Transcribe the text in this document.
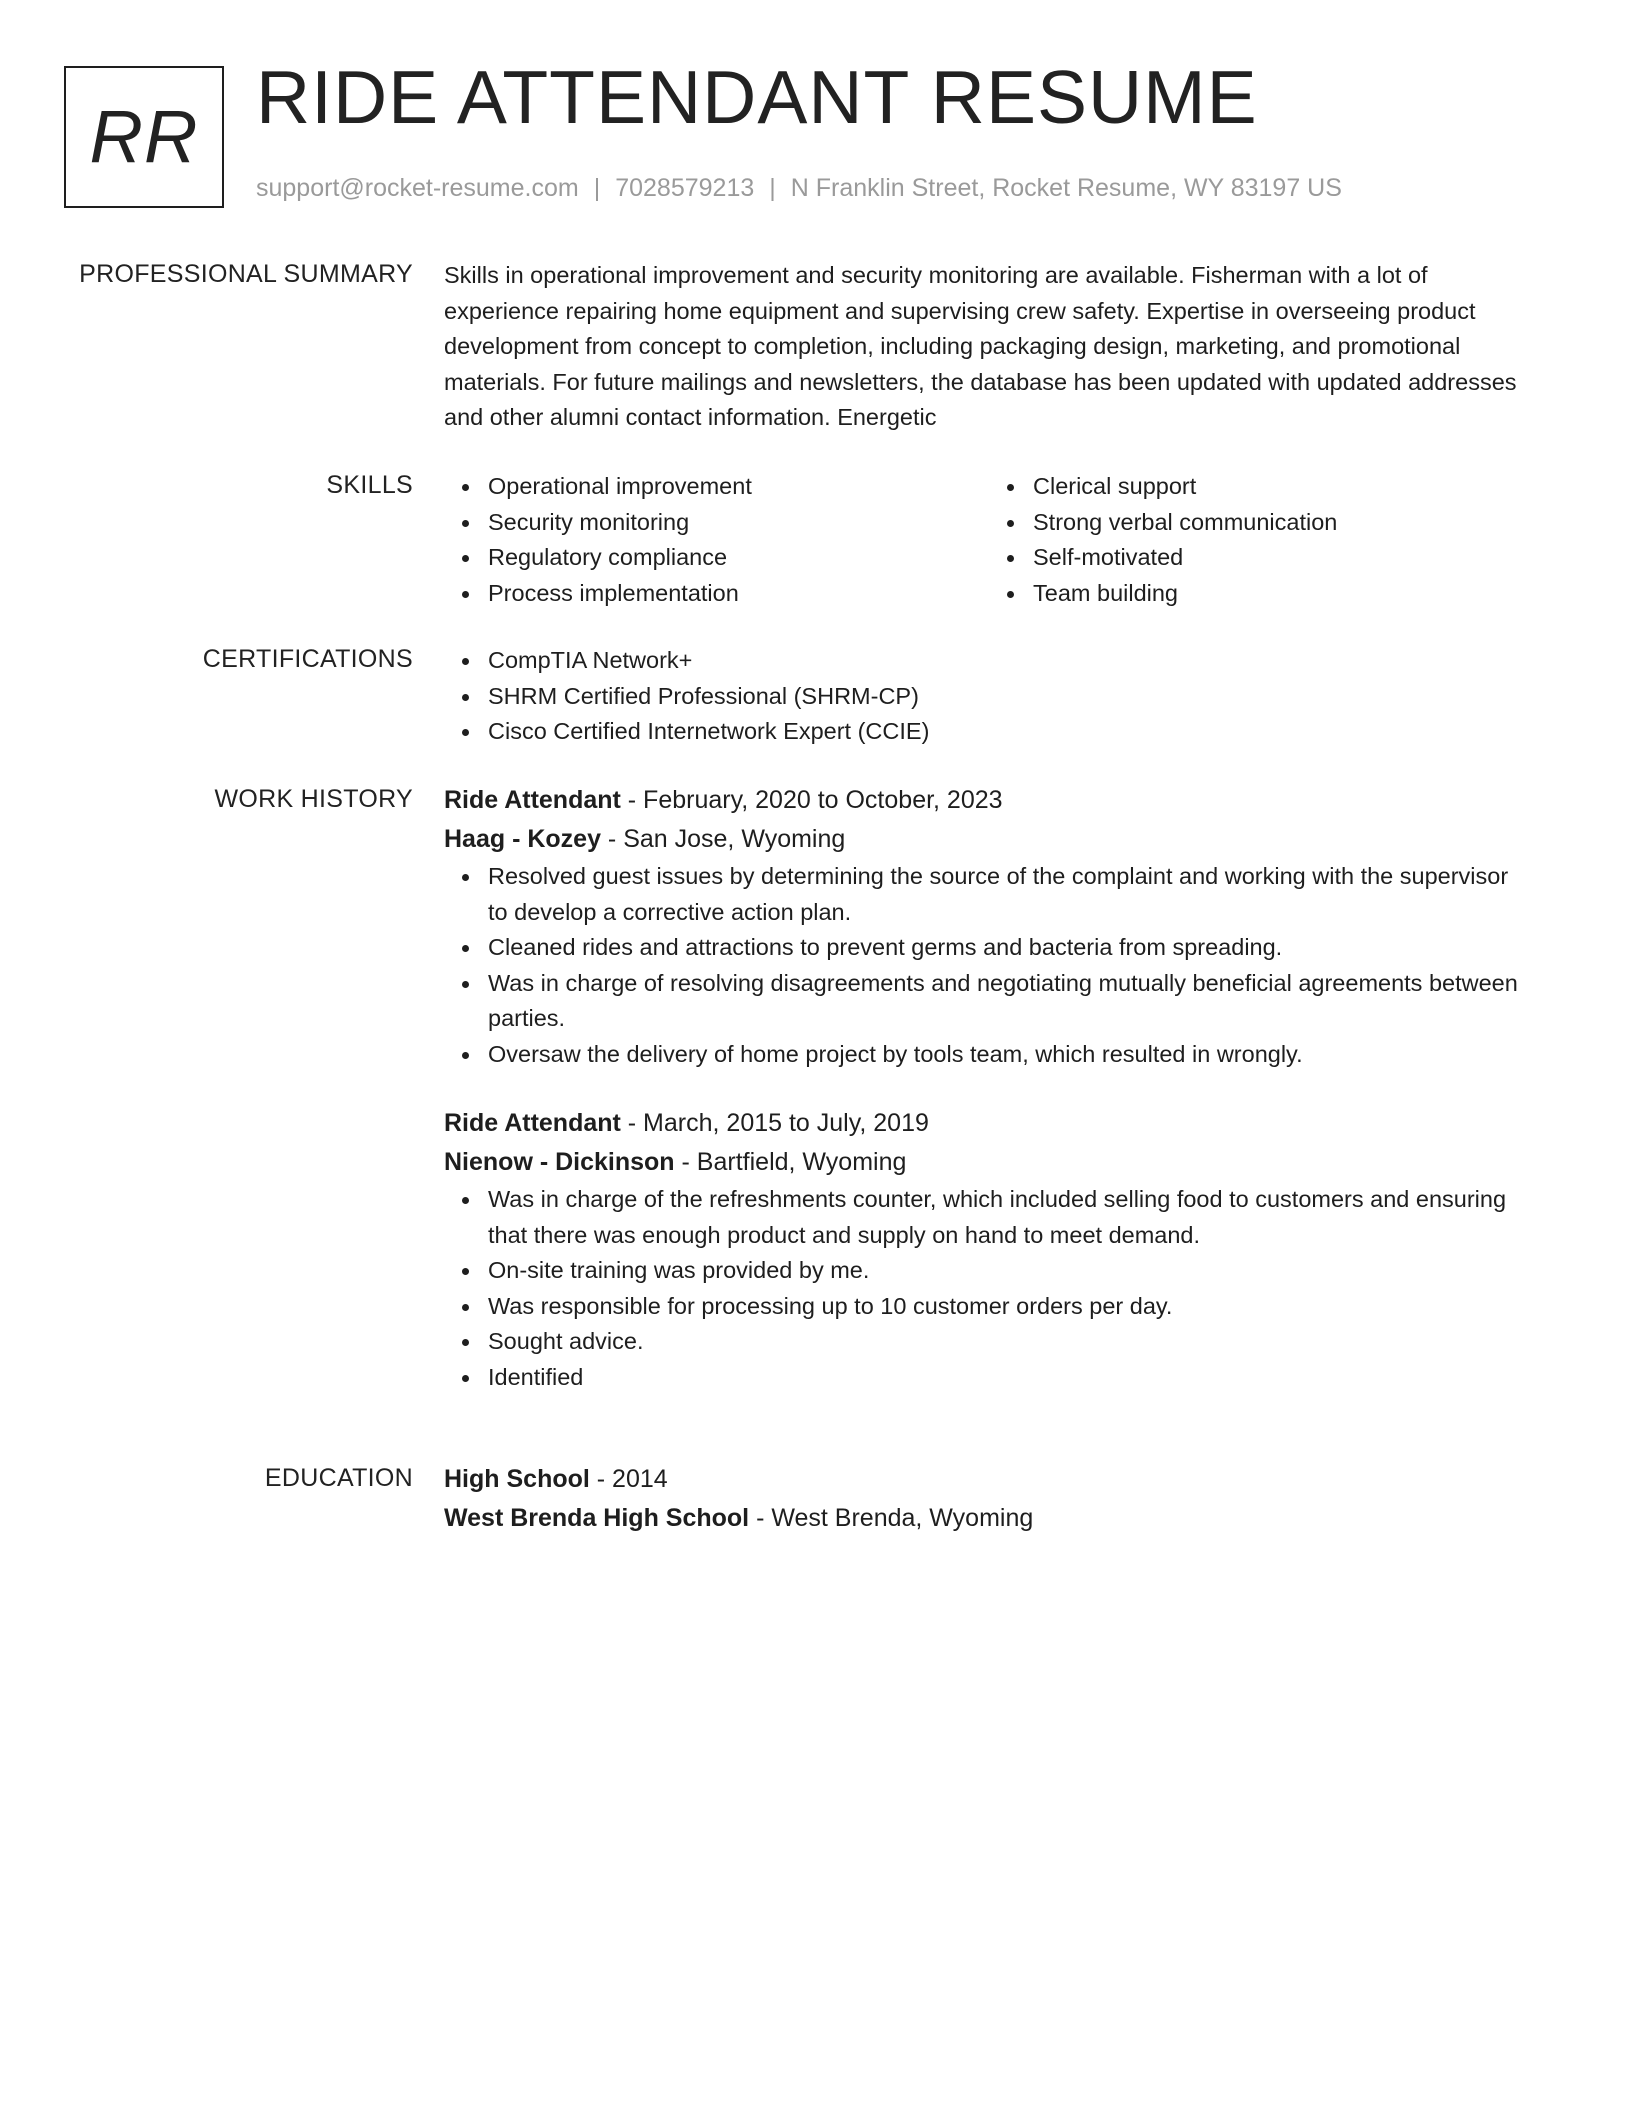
RR RIDE ATTENDANT RESUME
support@rocket-resume.com | 7028579213 | N Franklin Street, Rocket Resume, WY 83197 US
PROFESSIONAL SUMMARY Skills in operational improvement and security monitoring are available. Fisherman with a lot of experience repairing home equipment and supervising crew safety. Expertise in overseeing product development from concept to completion, including packaging design, marketing, and promotional materials. For future mailings and newsletters, the database has been updated with updated addresses and other alumni contact information. Energetic

SKILLS	Operational improvement
Security monitoring
Regulatory compliance
Process implementation
Clerical support
Strong verbal communication
Self-motivated
Team building
CERTIFICATIONS	CompTIA Network+
SHRM Certified Professional (SHRM-CP)
Cisco Certified Internetwork Expert (CCIE)
WORK HISTORY Ride Attendant - February, 2020 to October, 2023
Haag - Kozey - San Jose, Wyoming
Resolved guest issues by determining the source of the complaint and working with the supervisor to develop a corrective action plan.
Cleaned rides and attractions to prevent germs and bacteria from spreading.
Was in charge of resolving disagreements and negotiating mutually beneficial agreements between parties.
Oversaw the delivery of home project by tools team, which resulted in wrongly.
Ride Attendant - March, 2015 to July, 2019
Nienow - Dickinson - Bartfield, Wyoming
Was in charge of the refreshments counter, which included selling food to customers and ensuring that there was enough product and supply on hand to meet demand.
On-site training was provided by me.
Was responsible for processing up to 10 customer orders per day.
Sought advice.
Identified
EDUCATION High School - 2014
West Brenda High School - West Brenda, Wyoming
